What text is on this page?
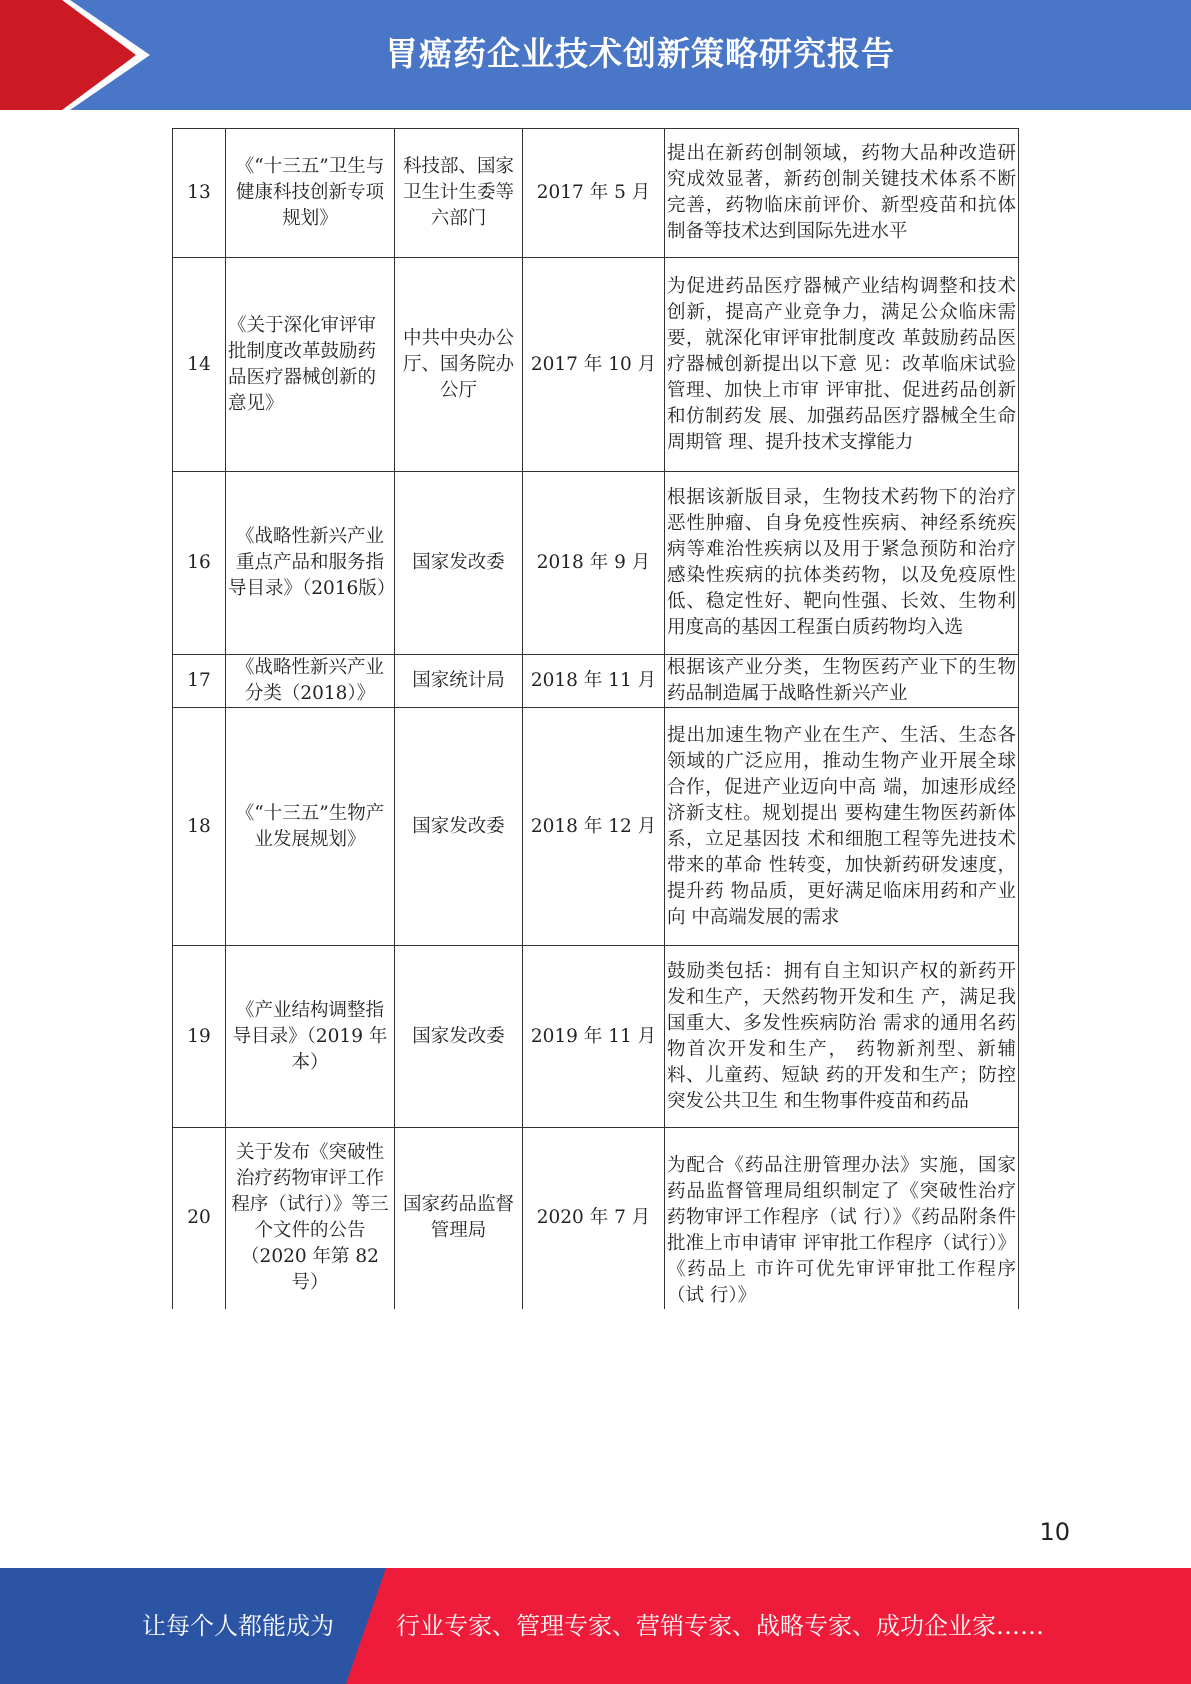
胃癌药企业技术创新策略研究报告
13	《“十三五”卫生与健康科技创新专项规划》	科技部、国家卫生计生委等六部门	2017 年 5 月	提出在新药创制领域，药物大品种改造研究成效显著，新药创制关键技术体系不断完善，药物临床前评价、新型疫苗和抗体制备等技术达到国际先进水平
14	《关于深化审评审批制度改革鼓励药品医疗器械创新的意见》	中共中央办公厅、国务院办公厅	2017 年 10 月	为促进药品医疗器械产业结构调整和技术创新，提高产业竞争力，满足公众临床需要，就深化审评审批制度改 革鼓励药品医疗器械创新提出以下意 见：改革临床试验管理、加快上市审 评审批、促进药品创新和仿制药发 展、加强药品医疗器械全生命周期管 理、提升技术支撑能力
16	《战略性新兴产业重点产品和服务指导目录》（2016版）	国家发改委	2018 年 9 月	根据该新版目录，生物技术药物下的治疗恶性肿瘤、自身免疫性疾病、神经系统疾病等难治性疾病以及用于紧急预防和治疗感染性疾病的抗体类药物，以及免疫原性低、稳定性好、靶向性强、长效、生物利用度高的基因工程蛋白质药物均入选
17	《战略性新兴产业分类（2018）》	国家统计局	2018 年 11 月	根据该产业分类，生物医药产业下的生物药品制造属于战略性新兴产业
18	《“十三五”生物产业发展规划》	国家发改委	2018 年 12 月	提出加速生物产业在生产、生活、生态各领域的广泛应用，推动生物产业开展全球合作，促进产业迈向中高 端，加速形成经济新支柱。规划提出 要构建生物医药新体系，立足基因技 术和细胞工程等先进技术带来的革命 性转变，加快新药研发速度，提升药 物品质，更好满足临床用药和产业向 中高端发展的需求
19	《产业结构调整指导目录》（2019 年本）	国家发改委	2019 年 11 月	鼓励类包括：拥有自主知识产权的新药开发和生产，天然药物开发和生 产，满足我国重大、多发性疾病防治 需求的通用名药物首次开发和生产， 药物新剂型、新辅料、儿童药、短缺 药的开发和生产；防控突发公共卫生 和生物事件疫苗和药品
20	关于发布《突破性治疗药物审评工作程序（试行）》等三个文件的公告（2020 年第 82 号）	国家药品监督管理局	2020 年 7 月	为配合《药品注册管理办法》实施，国家药品监督管理局组织制定了《突破性治疗药物审评工作程序（试 行）》《药品附条件批准上市申请审 评审批工作程序（试行）》《药品上 市许可优先审评审批工作程序（试 行）》
10
让每个人都能成为	行业专家、管理专家、营销专家、战略专家、成功企业家……
